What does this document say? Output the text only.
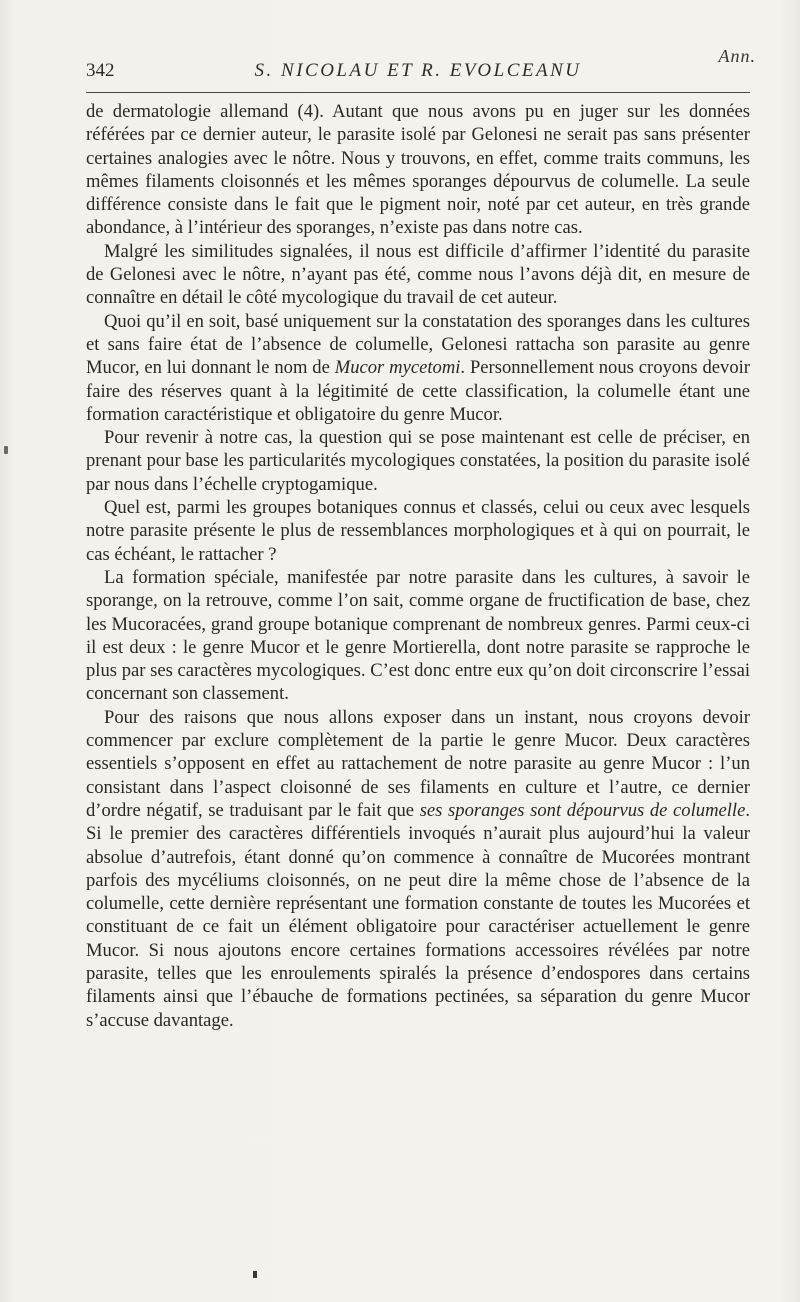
Ann.
342	S. NICOLAU ET R. EVOLCEANU

de dermatologie allemand (4). Autant que nous avons pu en juger sur les données référées par ce dernier auteur, le parasite isolé par Gelonesi ne serait pas sans présenter certaines analogies avec le nôtre. Nous y trouvons, en effet, comme traits communs, les mêmes filaments cloisonnés et les mêmes sporanges dépourvus de columelle. La seule différence consiste dans le fait que le pigment noir, noté par cet auteur, en très grande abondance, à l’intérieur des sporanges, n’existe pas dans notre cas.

Malgré les similitudes signalées, il nous est difficile d’affirmer l’identité du parasite de Gelonesi avec le nôtre, n’ayant pas été, comme nous l’avons déjà dit, en mesure de connaître en détail le côté mycologique du travail de cet auteur.

Quoi qu’il en soit, basé uniquement sur la constatation des sporanges dans les cultures et sans faire état de l’absence de columelle, Gelonesi rattacha son parasite au genre Mucor, en lui donnant le nom de Mucor mycetomi. Personnellement nous croyons devoir faire des réserves quant à la légitimité de cette classification, la columelle étant une formation caractéristique et obligatoire du genre Mucor.

Pour revenir à notre cas, la question qui se pose maintenant est celle de préciser, en prenant pour base les particularités mycologiques constatées, la position du parasite isolé par nous dans l’échelle cryptogamique.

Quel est, parmi les groupes botaniques connus et classés, celui ou ceux avec lesquels notre parasite présente le plus de ressemblances morphologiques et à qui on pourrait, le cas échéant, le rattacher ?

La formation spéciale, manifestée par notre parasite dans les cultures, à savoir le sporange, on la retrouve, comme l’on sait, comme organe de fructification de base, chez les Mucoracées, grand groupe botanique comprenant de nombreux genres. Parmi ceux-ci il est deux : le genre Mucor et le genre Mortierella, dont notre parasite se rapproche le plus par ses caractères mycologiques. C’est donc entre eux qu’on doit circonscrire l’essai concernant son classement.

Pour des raisons que nous allons exposer dans un instant, nous croyons devoir commencer par exclure complètement de la partie le genre Mucor. Deux caractères essentiels s’opposent en effet au rattachement de notre parasite au genre Mucor : l’un consistant dans l’aspect cloisonné de ses filaments en culture et l’autre, ce dernier d’ordre négatif, se traduisant par le fait que ses sporanges sont dépourvus de columelle. Si le premier des caractères différentiels invoqués n’aurait plus aujourd’hui la valeur absolue d’autrefois, étant donné qu’on commence à connaître de Mucorées montrant parfois des mycéliums cloisonnés, on ne peut dire la même chose de l’absence de la columelle, cette dernière représentant une formation constante de toutes les Mucorées et constituant de ce fait un élément obligatoire pour caractériser actuellement le genre Mucor. Si nous ajoutons encore certaines formations accessoires révélées par notre parasite, telles que les enroulements spiralés la présence d’endospores dans certains filaments ainsi que l’ébauche de formations pectinées, sa séparation du genre Mucor s’accuse davantage.
